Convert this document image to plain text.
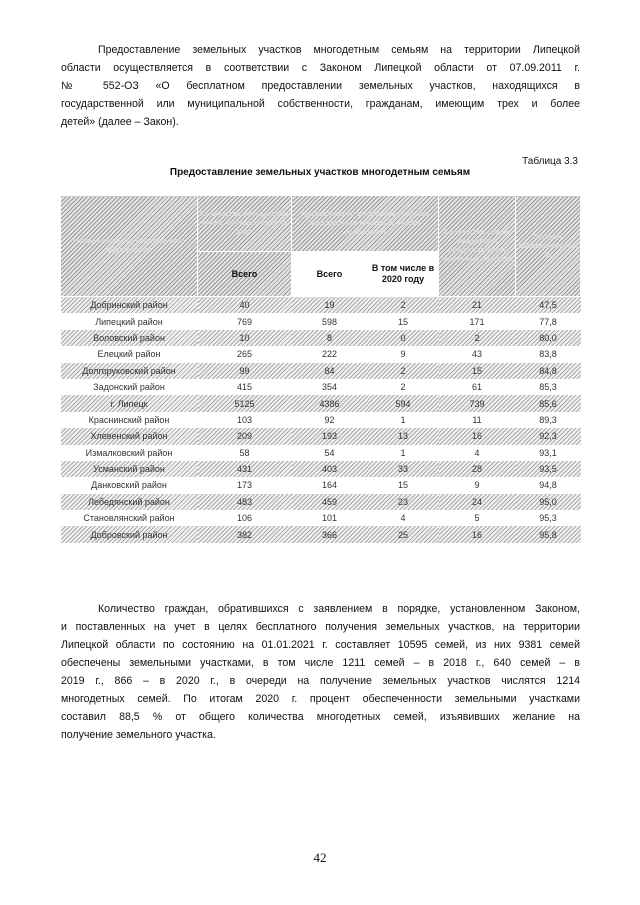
Предоставление земельных участков многодетным семьям на территории Липецкой
области осуществляется в соответствии с Законом Липецкой области от 07.09.2011 г.
№ 552-ОЗ «О бесплатном предоставлении земельных участков, находящихся в
государственной или муниципальной собственности, гражданам, имеющим трех и более
детей» (далее – Закон).
Таблица 3.3
Предоставление земельных участков многодетным семьям
Наименование муниципального образования	Количество многодетных семей, поставленных на учет	Предоставлено земельных участков многодетным семьям (с учетом выбывших)		Количество семей, ожидающих предоставления земельных участков	Процент обеспеченности, %
	Всего	Всего	В том числе в 2020 году		
Добринский район	40	19	2	21	47,5
Липецкий район	769	598	15	171	77,8
Воловский район	10	8	0	2	80,0
Елецкий район	265	222	9	43	83,8
Долгоруковский район	99	84	2	15	84,8
Задонский район	415	354	2	61	85,3
г. Липецк	5125	4386	594	739	85,6
Краснинский район	103	92	1	11	89,3
Хлевенский район	209	193	13	16	92,3
Измалковский район	58	54	1	4	93,1
Усманский район	431	403	33	28	93,5
Данковский район	173	164	15	9	94,8
Лебедянский район	483	459	23	24	95,0
Становлянский район	106	101	4	5	95,3
Добровский район	382	366	25	16	95,8
Количество граждан, обратившихся с заявлением в порядке, установленном Законом,
и поставленных на учет в целях бесплатного получения земельных участков, на территории
Липецкой области по состоянию на 01.01.2021 г. составляет 10595 семей, из них 9381 семей
обеспечены земельными участками, в том числе 1211 семей – в 2018 г., 640 семей – в
2019 г., 866 – в 2020 г., в очереди на получение земельных участков числятся 1214
многодетных семей. По итогам 2020 г. процент обеспеченности земельными участками
составил 88,5 % от общего количества многодетных семей, изъявивших желание на
получение земельного участка.
42
